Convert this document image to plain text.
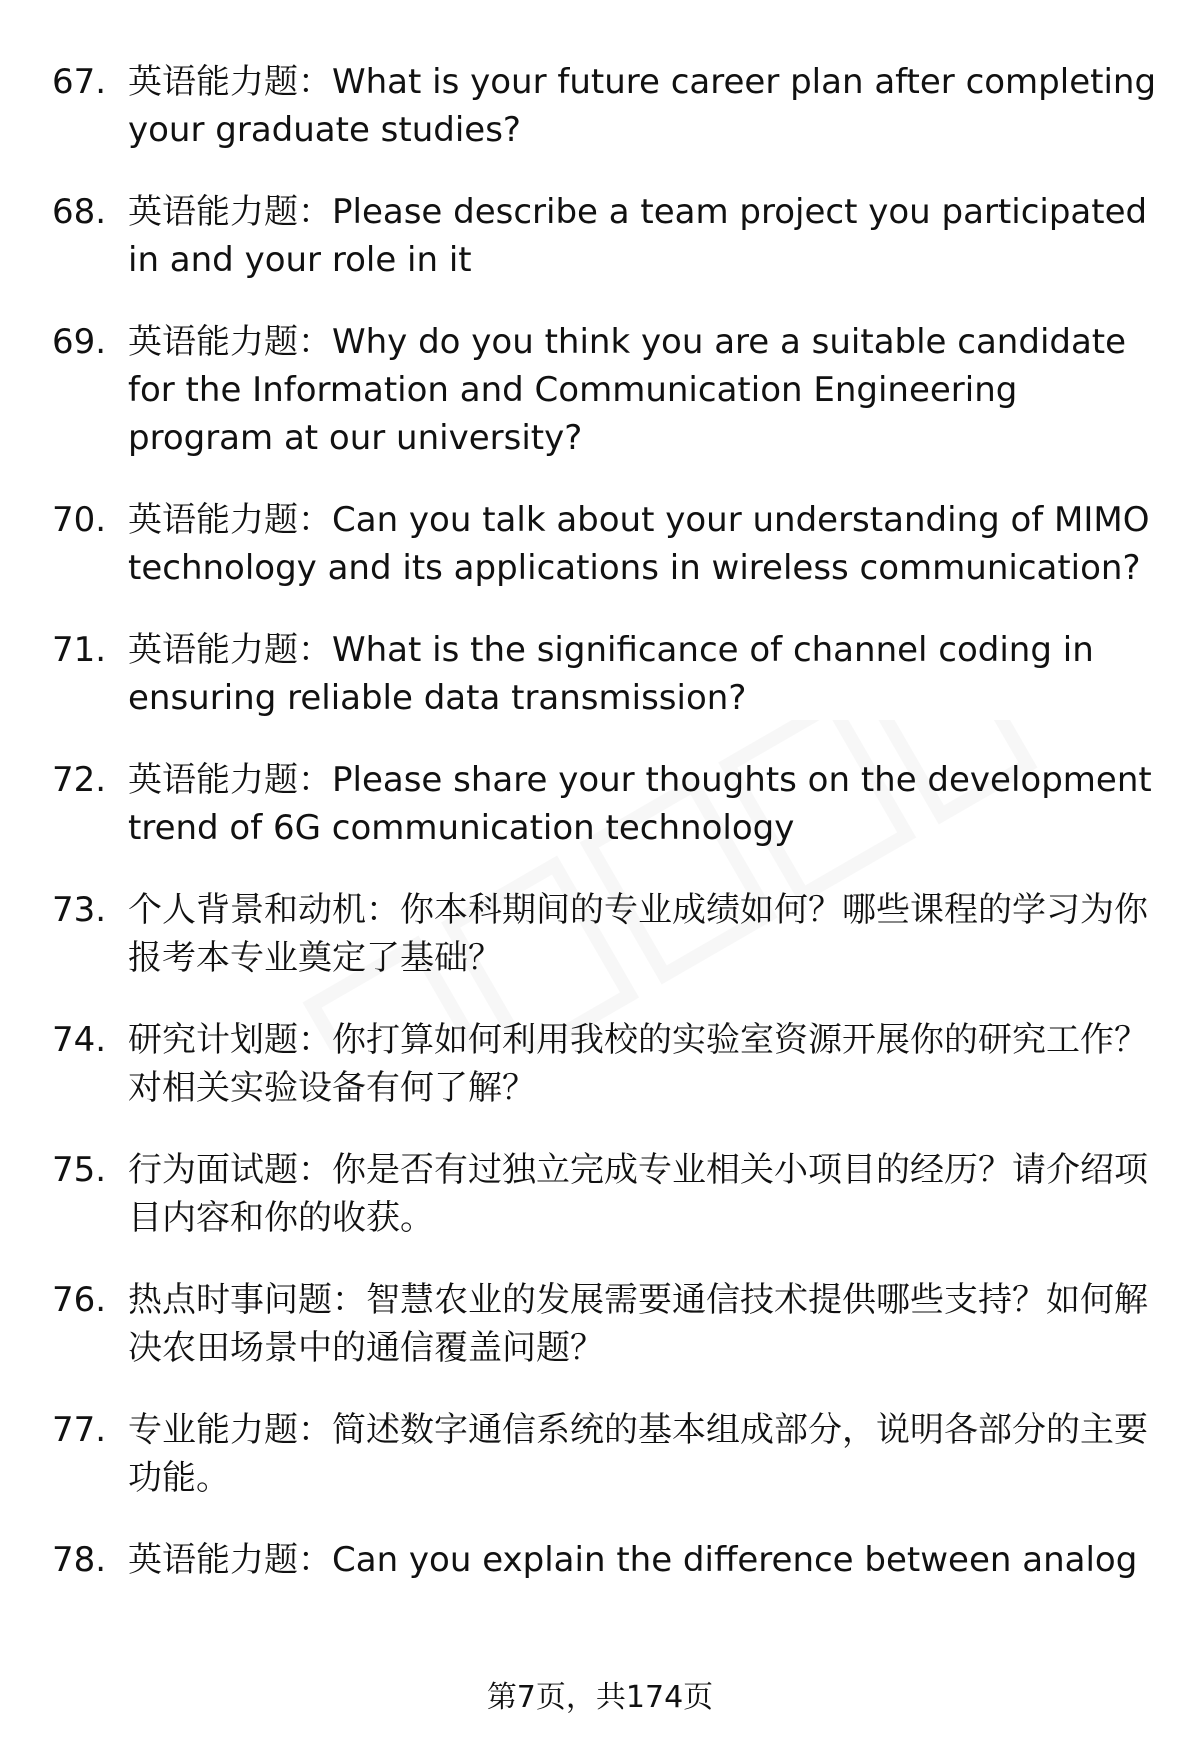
67. 英语能力题：What is your future career plan after completing your graduate studies?
68. 英语能力题：Please describe a team project you participated in and your role in it
69. 英语能力题：Why do you think you are a suitable candidate for the Information and Communication Engineering program at our university?
70. 英语能力题：Can you talk about your understanding of MIMO technology and its applications in wireless communication?
71. 英语能力题：What is the significance of channel coding in ensuring reliable data transmission?
72. 英语能力题：Please share your thoughts on the development trend of 6G communication technology
73. 个人背景和动机：你本科期间的专业成绩如何？哪些课程的学习为你报考本专业奠定了基础？
74. 研究计划题：你打算如何利用我校的实验室资源开展你的研究工作？对相关实验设备有何了解？
75. 行为面试题：你是否有过独立完成专业相关小项目的经历？请介绍项目内容和你的收获。
76. 热点时事问题：智慧农业的发展需要通信技术提供哪些支持？如何解决农田场景中的通信覆盖问题？
77. 专业能力题：简述数字通信系统的基本组成部分，说明各部分的主要功能。
78. 英语能力题：Can you explain the difference between analog
第7页，共174页
